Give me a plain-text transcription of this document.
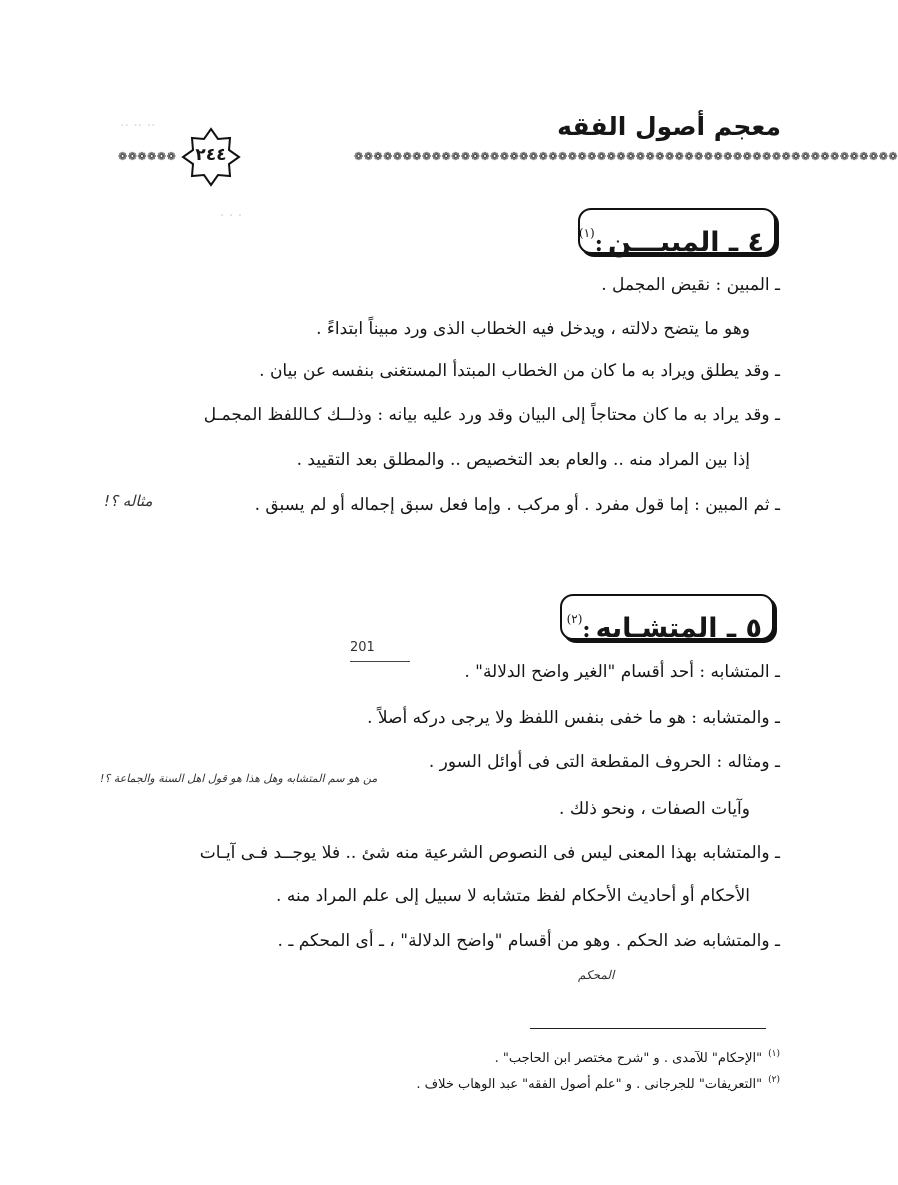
·· ·· ··
· · ·
معجم أصول الفقه
❁❁❁❁❁❁	❁❁❁❁❁❁❁❁❁❁❁❁❁❁❁❁❁❁❁❁❁❁❁❁❁❁❁❁❁❁❁❁❁❁❁❁❁❁❁❁❁❁❁❁❁❁❁❁❁❁❁❁❁❁❁❁
٢٤٤
٤ ـ المبيـــن :$^{(١)}$
ـ المبين : نقيض المجمل .
وهو ما يتضح دلالته ، ويدخل فيه الخطاب الذى ورد مبيناً ابتداءً .
ـ وقد يطلق ويراد به ما كان من الخطاب المبتدأ المستغنى بنفسه عن بيان .
ـ وقد يراد به ما كان محتاجاً إلى البيان وقد ورد عليه بيانه : وذلــك كـاللفظ المجمـل
إذا بين المراد منه .. والعام بعد التخصيص .. والمطلق بعد التقييد .
ـ ثم المبين : إما قول مفرد . أو مركب . وإما فعل سبق إجماله أو لم يسبق .
مثاله ؟!
٥ ـ المتشـابه :$^{(٢)}$
201
ـ المتشابه : أحد أقسام "الغير واضح الدلالة" .
ـ والمتشابه : هو ما خفى بنفس اللفظ ولا يرجى دركه أصلاً .
ـ ومثاله : الحروف المقطعة التى فى أوائل السور .
وآيات الصفات ، ونحو ذلك .
من هو سم المتشابه وهل هذا هو قول اهل السنة والجماعة ؟!
ـ والمتشابه بهذا المعنى ليس فى النصوص الشرعية منه شئ .. فلا يوجــد فـى آيـات
الأحكام أو أحاديث الأحكام لفظ متشابه لا سبيل إلى علم المراد منه .
ـ والمتشابه ضد الحكم . وهو من أقسام "واضح الدلالة" ، ـ أى المحكم ـ .
المحكم
$^{(١)}$"الإحكام" للآمدى . و "شرح مختصر ابن الحاجب" .
$^{(٢)}$"التعريفات" للجرجانى . و "علم أصول الفقه" عبد الوهاب خلاف .
